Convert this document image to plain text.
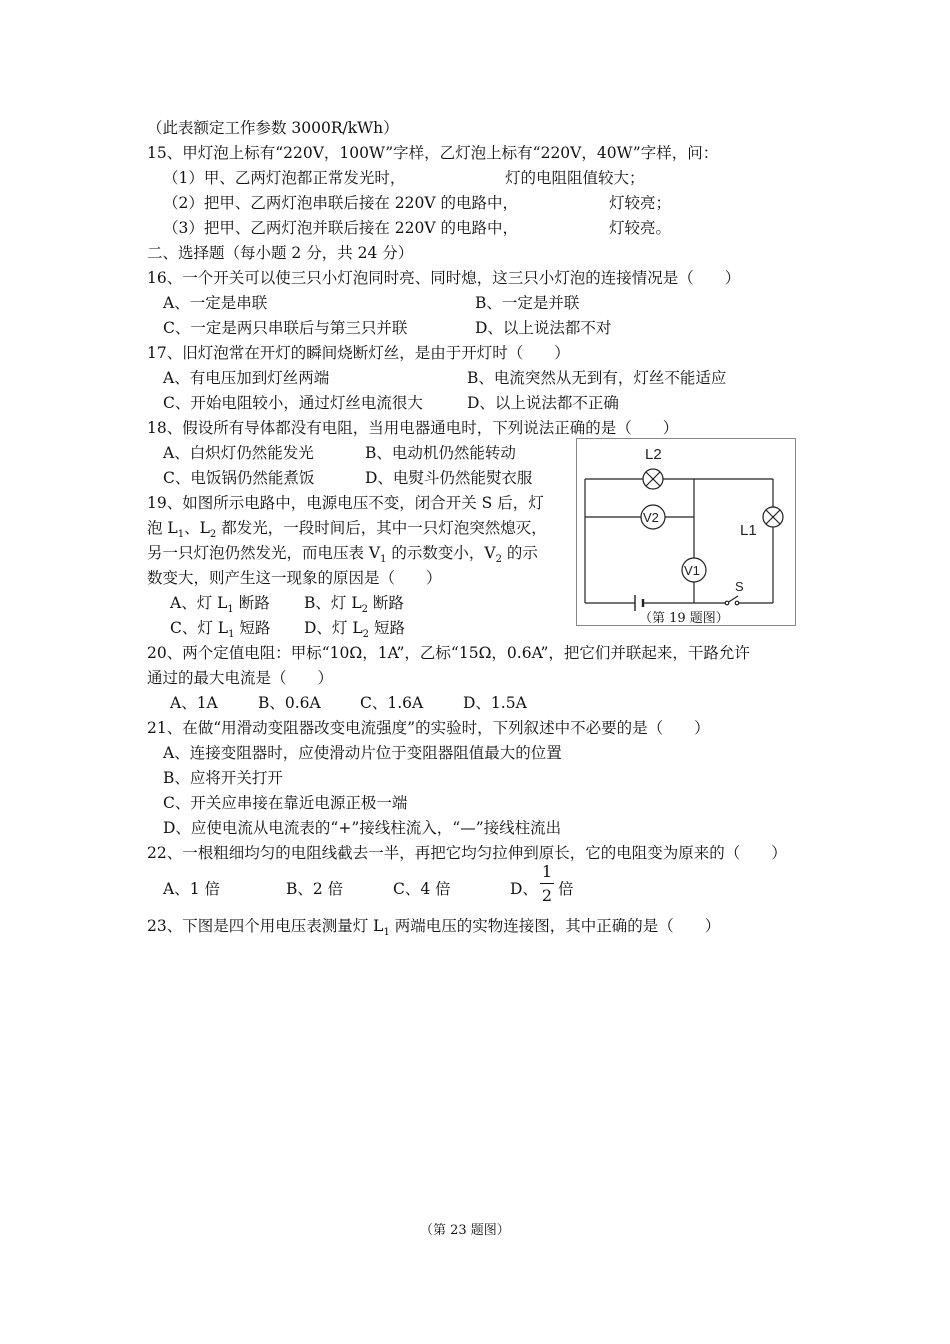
（此表额定工作参数 3000R/kWh）
15、甲灯泡上标有“220V，100W”字样，乙灯泡上标有“220V，40W”字样，问：
（1）甲、乙两灯泡都正常发光时，	灯的电阻阻值较大；
（2）把甲、乙两灯泡串联后接在 220V 的电路中，	灯较亮；
（3）把甲、乙两灯泡并联后接在 220V 的电路中，	灯较亮。
二、选择题（每小题 2 分，共 24 分）
16、一个开关可以使三只小灯泡同时亮、同时熄，这三只小灯泡的连接情况是（　　）
A、一定是串联	B、一定是并联
C、一定是两只串联后与第三只并联	D、以上说法都不对
17、旧灯泡常在开灯的瞬间烧断灯丝，是由于开灯时（　　）
A、有电压加到灯丝两端	B、电流突然从无到有，灯丝不能适应
C、开始电阻较小，通过灯丝电流很大	D、以上说法都不正确
18、假设所有导体都没有电阻，当用电器通电时，下列说法正确的是（　　）
A、白炽灯仍然能发光	B、电动机仍然能转动
C、电饭锅仍然能煮饭	D、电熨斗仍然能熨衣服
19、如图所示电路中，电源电压不变，闭合开关 S 后，灯
泡 $L_1$、$L_2$ 都发光，一段时间后，其中一只灯泡突然熄灭，
另一只灯泡仍然发光，而电压表 $V_1$ 的示数变小，$V_2$ 的示
数变大，则产生这一现象的原因是（　　）
A、灯 $L_1$ 断路 B、灯 $L_2$ 断路
C、灯 $L_1$ 短路 D、灯 $L_2$ 短路
20、两个定值电阻：甲标“10Ω，1A”，乙标“15Ω，0.6A”，把它们并联起来，干路允许
通过的最大电流是（　　）
A、1A	B、0.6A	C、1.6A	D、1.5A
21、在做“用滑动变阻器改变电流强度”的实验时，下列叙述中不必要的是（　　）
A、连接变阻器时，应使滑动片位于变阻器阻值最大的位置
B、应将开关打开
C、开关应串接在靠近电源正极一端
D、应使电流从电流表的“+”接线柱流入，“—”接线柱流出
22、一根粗细均匀的电阻线截去一半，再把它均匀拉伸到原长，它的电阻变为原来的（　　）
A、1 倍	B、2 倍	C、4 倍	D、
1
2 倍
23、下图是四个用电压表测量灯 $L_1$ 两端电压的实物连接图，其中正确的是（　　）
L2
V2
L1
V1
S
（第 19 题图）
（第 23 题图）
